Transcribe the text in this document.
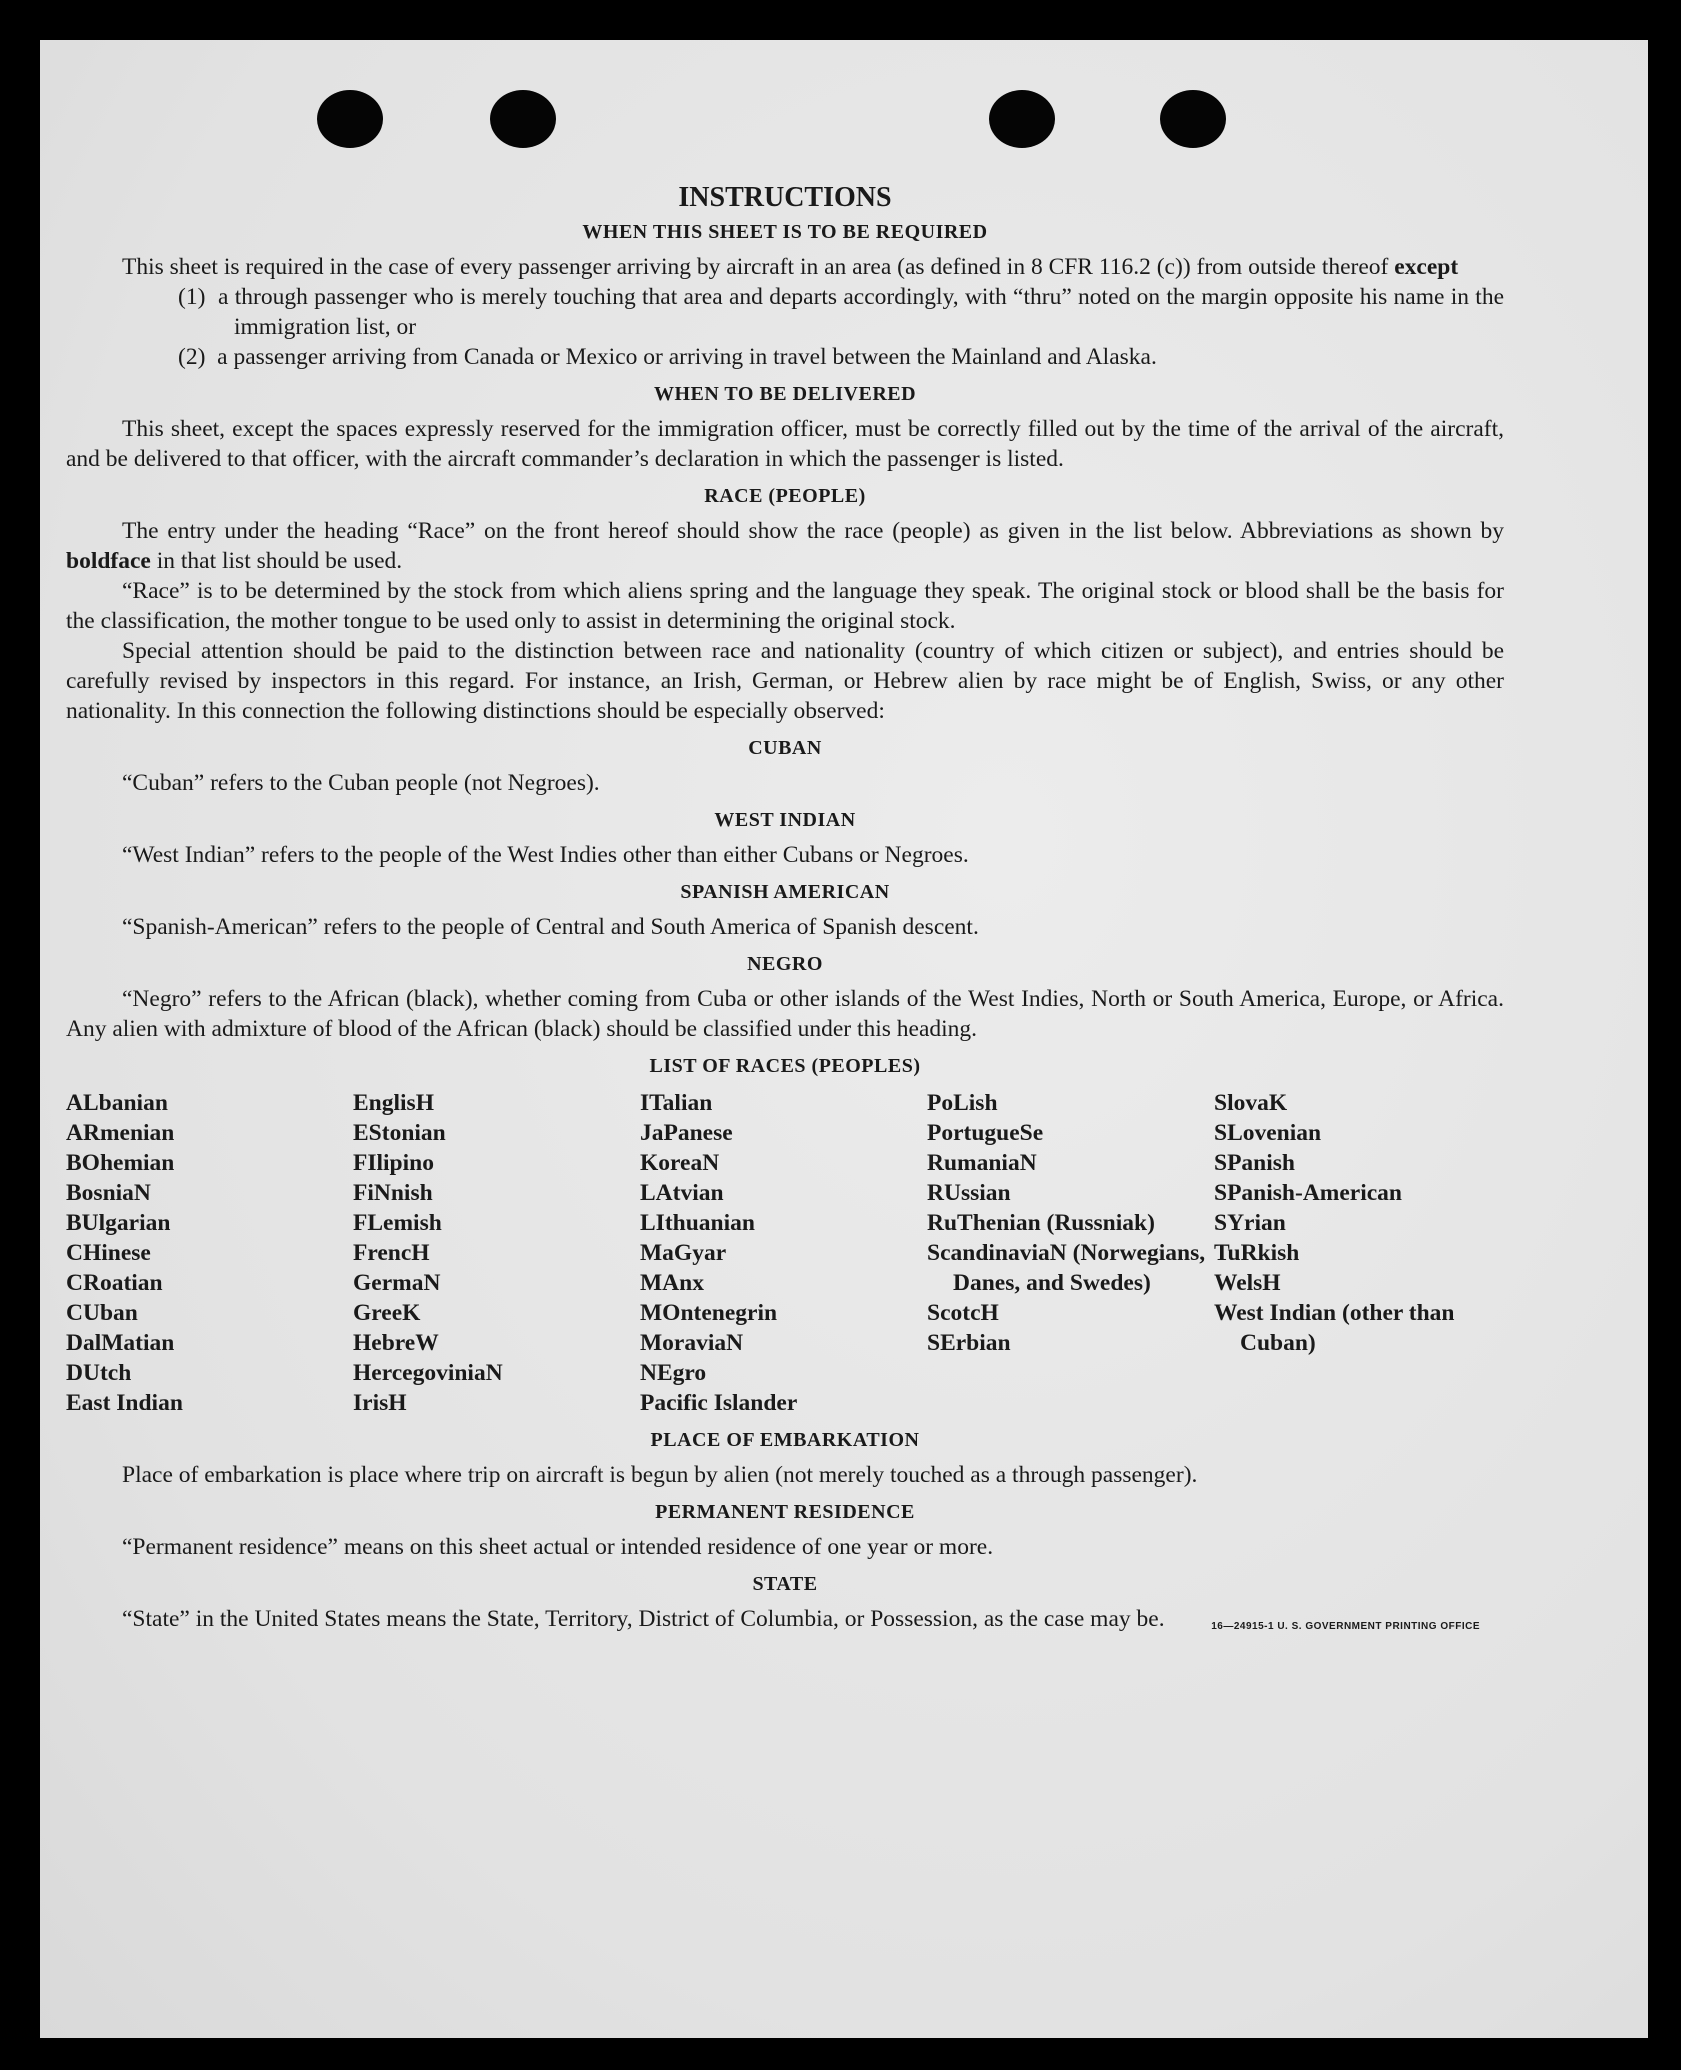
INSTRUCTIONS
WHEN THIS SHEET IS TO BE REQUIRED

This sheet is required in the case of every passenger arriving by aircraft in an area (as defined in 8 CFR 116.2 (c)) from outside thereof except

(1) a through passenger who is merely touching that area and departs accordingly, with “thru” noted on the margin opposite his name in the immigration list, or

(2) a passenger arriving from Canada or Mexico or arriving in travel between the Mainland and Alaska.

WHEN TO BE DELIVERED

This sheet, except the spaces expressly reserved for the immigration officer, must be correctly filled out by the time of the arrival of the aircraft, and be delivered to that officer, with the aircraft commander’s declaration in which the passenger is listed.

RACE (PEOPLE)

The entry under the heading “Race” on the front hereof should show the race (people) as given in the list below. Abbreviations as shown by boldface in that list should be used.

“Race” is to be determined by the stock from which aliens spring and the language they speak. The original stock or blood shall be the basis for the classification, the mother tongue to be used only to assist in determining the original stock.

Special attention should be paid to the distinction between race and nationality (country of which citizen or subject), and entries should be carefully revised by inspectors in this regard. For instance, an Irish, German, or Hebrew alien by race might be of English, Swiss, or any other nationality. In this connection the following distinctions should be especially observed:

CUBAN

“Cuban” refers to the Cuban people (not Negroes).

WEST INDIAN

“West Indian” refers to the people of the West Indies other than either Cubans or Negroes.

SPANISH AMERICAN

“Spanish-American” refers to the people of Central and South America of Spanish descent.

NEGRO

“Negro” refers to the African (black), whether coming from Cuba or other islands of the West Indies, North or South America, Europe, or Africa. Any alien with admixture of blood of the African (black) should be classified under this heading.

LIST OF RACES (PEOPLES)

ALbanian

ARmenian

BOhemian

BosniaN

BUlgarian

CHinese

CRoatian

CUban

DalMatian

DUtch

East Indian

EnglisH

EStonian

FIlipino

FiNnish

FLemish

FrencH

GermaN

GreeK

HebreW

HercegoviniaN

IrisH

ITalian

JaPanese

KoreaN

LAtvian

LIthuanian

MaGyar

MAnx

MOntenegrin

MoraviaN

NEgro

Pacific Islander

PoLish

PortugueSe

RumaniaN

RUssian

RuThenian (Russniak)

ScandinaviaN (Norwegians, Danes, and Swedes)

ScotcH

SErbian

SlovaK

SLovenian

SPanish

SPanish-American

SYrian

TuRkish

WelsH

West Indian (other than Cuban)

PLACE OF EMBARKATION

Place of embarkation is place where trip on aircraft is begun by alien (not merely touched as a through passenger).

PERMANENT RESIDENCE

“Permanent residence” means on this sheet actual or intended residence of one year or more.

STATE

“State” in the United States means the State, Territory, District of Columbia, or Possession, as the case may be.	16—24915-1 U. S. GOVERNMENT PRINTING OFFICE
